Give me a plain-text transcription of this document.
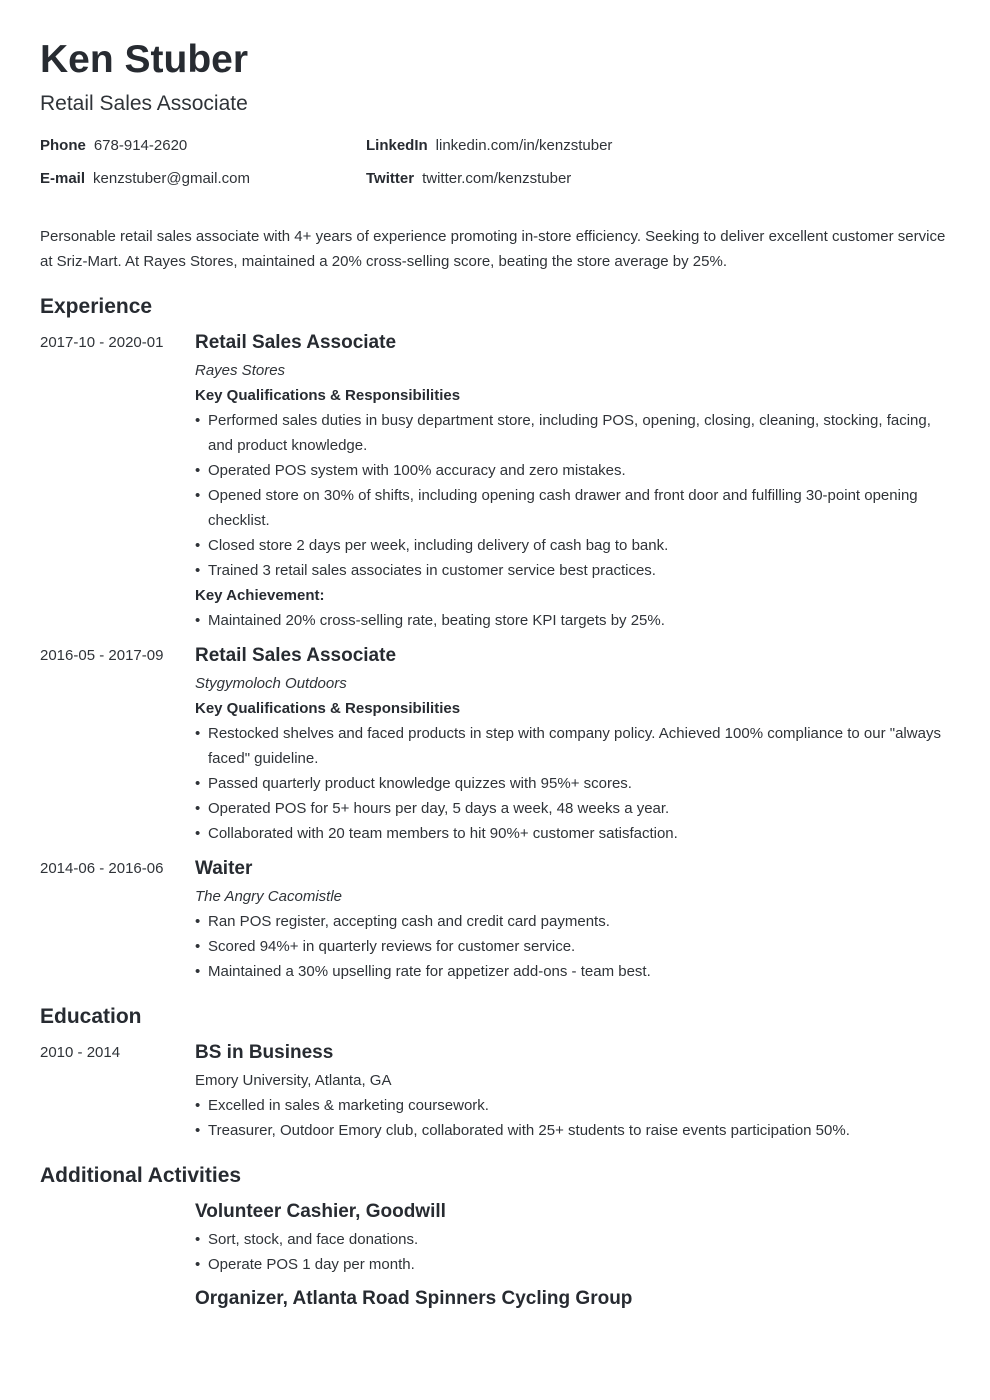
Ken Stuber
Retail Sales Associate
Phone 678-914-2620	LinkedIn linkedin.com/in/kenzstuber
E-mail kenzstuber@gmail.com	Twitter twitter.com/kenzstuber
Personable retail sales associate with 4+ years of experience promoting in-store efficiency. Seeking to deliver excellent customer service at Sriz-Mart. At Rayes Stores, maintained a 20% cross-selling score, beating the store average by 25%.
Experience
2017-10 - 2020-01	Retail Sales Associate
Rayes Stores
Key Qualifications & Responsibilities
• Performed sales duties in busy department store, including POS, opening, closing, cleaning, stocking, facing, and product knowledge.
• Operated POS system with 100% accuracy and zero mistakes.
• Opened store on 30% of shifts, including opening cash drawer and front door and fulfilling 30-point opening checklist.
• Closed store 2 days per week, including delivery of cash bag to bank.
• Trained 3 retail sales associates in customer service best practices.
Key Achievement:
• Maintained 20% cross-selling rate, beating store KPI targets by 25%.
2016-05 - 2017-09	Retail Sales Associate
Stygymoloch Outdoors
Key Qualifications & Responsibilities
• Restocked shelves and faced products in step with company policy. Achieved 100% compliance to our "always faced" guideline.
• Passed quarterly product knowledge quizzes with 95%+ scores.
• Operated POS for 5+ hours per day, 5 days a week, 48 weeks a year.
• Collaborated with 20 team members to hit 90%+ customer satisfaction.
2014-06 - 2016-06	Waiter
The Angry Cacomistle
• Ran POS register, accepting cash and credit card payments.
• Scored 94%+ in quarterly reviews for customer service.
• Maintained a 30% upselling rate for appetizer add-ons - team best.
Education
2010 - 2014	BS in Business
Emory University, Atlanta, GA
• Excelled in sales & marketing coursework.
• Treasurer, Outdoor Emory club, collaborated with 25+ students to raise events participation 50%.
Additional Activities
Volunteer Cashier, Goodwill
• Sort, stock, and face donations.
• Operate POS 1 day per month.
Organizer, Atlanta Road Spinners Cycling Group
